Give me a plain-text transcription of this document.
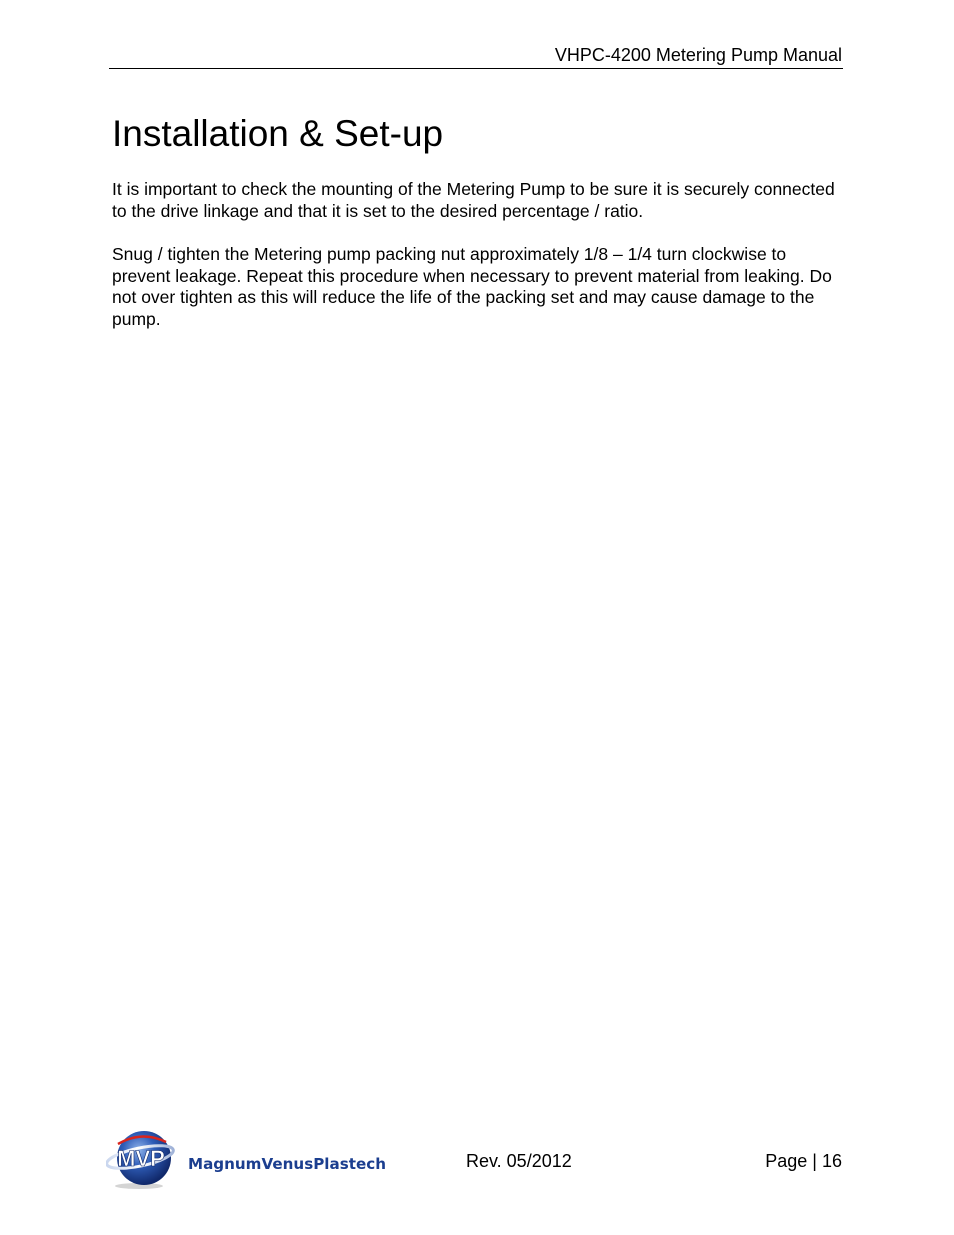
VHPC-4200 Metering Pump Manual
Installation & Set-up

It is important to check the mounting of the Metering Pump to be sure it is securely connected to the drive linkage and that it is set to the desired percentage / ratio.

Snug / tighten the Metering pump packing nut approximately 1/8 – 1/4 turn clockwise to prevent leakage. Repeat this procedure when necessary to prevent material from leaking. Do not over tighten as this will reduce the life of the packing set and may cause damage to the pump.

MVP MagnumVenusPlastech	Rev. 05/2012	Page | 16
